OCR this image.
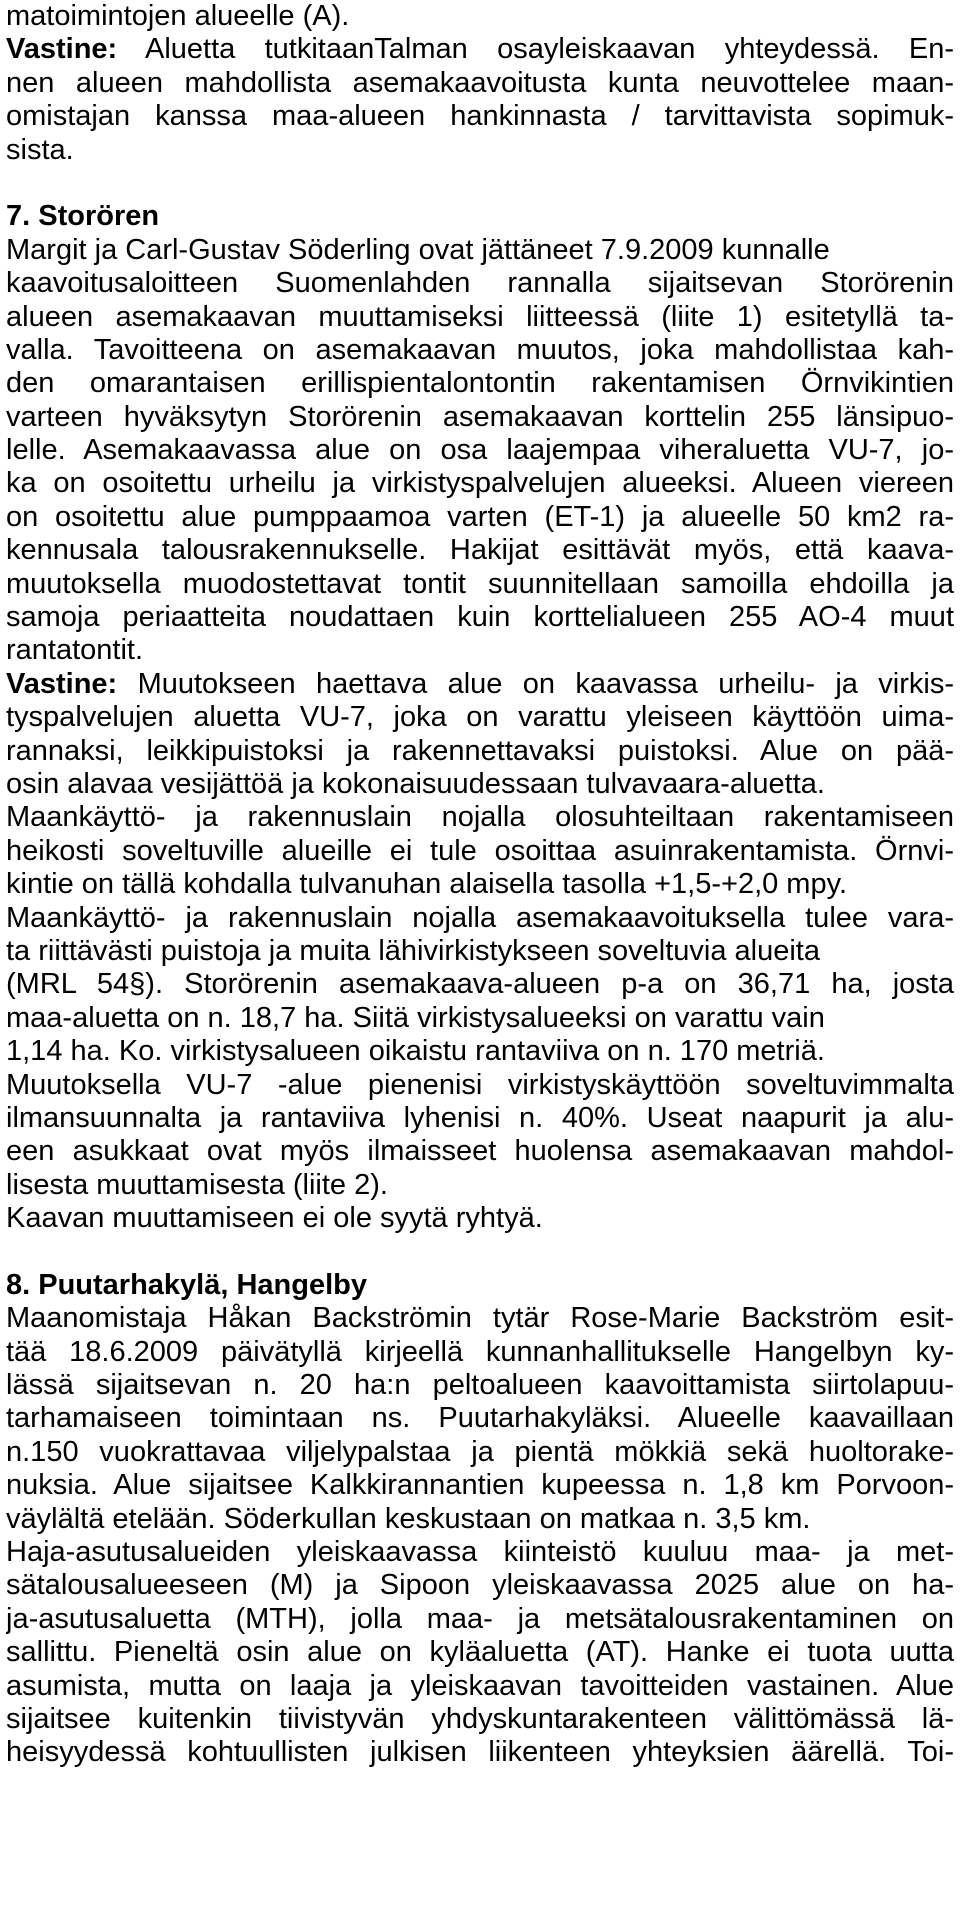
matoimintojen alueelle (A).
Vastine: Aluetta tutkitaanTalman osayleiskaavan yhteydessä. En-
nen alueen mahdollista asemakaavoitusta kunta neuvottelee maan-
omistajan kanssa maa-alueen hankinnasta / tarvittavista sopimuk-
sista.
7. Storören
Margit ja Carl-Gustav Söderling ovat jättäneet 7.9.2009 kunnalle
kaavoitusaloitteen Suomenlahden rannalla sijaitsevan Storörenin
alueen asemakaavan muuttamiseksi liitteessä (liite 1) esitetyllä ta-
valla. Tavoitteena on asemakaavan muutos, joka mahdollistaa kah-
den omarantaisen erillispientalontontin rakentamisen Örnvikintien
varteen hyväksytyn Storörenin asemakaavan korttelin 255 länsipuo-
lelle. Asemakaavassa alue on osa laajempaa viheraluetta VU-7, jo-
ka on osoitettu urheilu ja virkistyspalvelujen alueeksi. Alueen viereen
on osoitettu alue pumppaamoa varten (ET-1) ja alueelle 50 km2 ra-
kennusala talousrakennukselle. Hakijat esittävät myös, että kaava-
muutoksella muodostettavat tontit suunnitellaan samoilla ehdoilla ja
samoja periaatteita noudattaen kuin korttelialueen 255 AO-4 muut
rantatontit.
Vastine: Muutokseen haettava alue on kaavassa urheilu- ja virkis-
tyspalvelujen aluetta VU-7, joka on varattu yleiseen käyttöön uima-
rannaksi, leikkipuistoksi ja rakennettavaksi puistoksi. Alue on pää-
osin alavaa vesijättöä ja kokonaisuudessaan tulvavaara-aluetta.
Maankäyttö- ja rakennuslain nojalla olosuhteiltaan rakentamiseen
heikosti soveltuville alueille ei tule osoittaa asuinrakentamista. Örnvi-
kintie on tällä kohdalla tulvanuhan alaisella tasolla +1,5-+2,0 mpy.
Maankäyttö- ja rakennuslain nojalla asemakaavoituksella tulee vara-
ta riittävästi puistoja ja muita lähivirkistykseen soveltuvia alueita
(MRL 54§). Storörenin asemakaava-alueen p-a on 36,71 ha, josta
maa-aluetta on n. 18,7 ha. Siitä virkistysalueeksi on varattu vain
1,14 ha. Ko. virkistysalueen oikaistu rantaviiva on n. 170 metriä.
Muutoksella VU-7 -alue pienenisi virkistyskäyttöön soveltuvimmalta
ilmansuunnalta ja rantaviiva lyhenisi n. 40%. Useat naapurit ja alu-
een asukkaat ovat myös ilmaisseet huolensa asemakaavan mahdol-
lisesta muuttamisesta (liite 2).
Kaavan muuttamiseen ei ole syytä ryhtyä.
8. Puutarhakylä, Hangelby
Maanomistaja Håkan Backströmin tytär Rose-Marie Backström esit-
tää 18.6.2009 päivätyllä kirjeellä kunnanhallitukselle Hangelbyn ky-
lässä sijaitsevan n. 20 ha:n peltoalueen kaavoittamista siirtolapuu-
tarhamaiseen toimintaan ns. Puutarhakyläksi. Alueelle kaavaillaan
n.150 vuokrattavaa viljelypalstaa ja pientä mökkiä sekä huoltorake-
nuksia. Alue sijaitsee Kalkkirannantien kupeessa n. 1,8 km Porvoon-
väylältä etelään. Söderkullan keskustaan on matkaa n. 3,5 km.
Haja-asutusalueiden yleiskaavassa kiinteistö kuuluu maa- ja met-
sätalousalueeseen (M) ja Sipoon yleiskaavassa 2025 alue on ha-
ja-asutusaluetta (MTH), jolla maa- ja metsätalousrakentaminen on
sallittu. Pieneltä osin alue on kyläaluetta (AT). Hanke ei tuota uutta
asumista, mutta on laaja ja yleiskaavan tavoitteiden vastainen. Alue
sijaitsee kuitenkin tiivistyvän yhdyskuntarakenteen välittömässä lä-
heisyydessä kohtuullisten julkisen liikenteen yhteyksien äärellä. Toi-
